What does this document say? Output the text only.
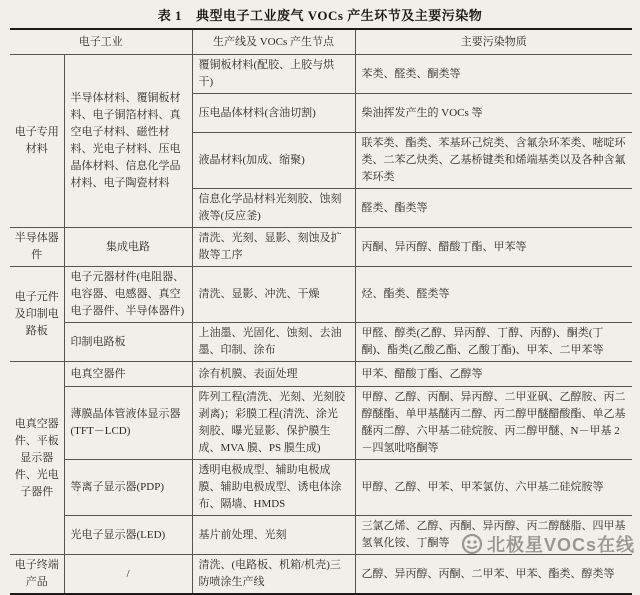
表 1 典型电子工业废气 VOCs 产生环节及主要污染物
电子工业		生产线及 VOCs 产生节点	主要污染物质
电子专用材料	半导体材料、覆铜板材料、电子铜箔材料、真空电子材料、磁性材料、光电子材料、压电晶体材料、信息化学品材料、电子陶瓷材料	覆铜板材料(配胶、上胶与烘干)	苯类、醛类、酮类等
		压电晶体材料(含油切割)	柴油挥发产生的 VOCs 等
		液晶材料(加成、缩聚)	联苯类、酯类、苯基环己烷类、含氟杂环苯类、嘧啶环类、二苯乙炔类、乙基桥键类和烯端基类以及各种含氟苯环类
		信息化学品材料光刻胶、蚀刻液等(反应釜)	醛类、酯类等
半导体器件	集成电路	清洗、光刻、显影、刻蚀及扩散等工序	丙酮、异丙醇、醋酸丁酯、甲苯等
电子元件及印制电路板	电子元器材件(电阻器、电容器、电感器、真空电子器件、半导体器件)	清洗、显影、冲洗、干燥	烃、酯类、醛类等
	印制电路板	上油墨、光固化、蚀刻、去油墨、印制、涂布	甲醛、醇类(乙醇、异丙醇、丁醇、丙醇)、酮类(丁酮)、酯类(乙酸乙酯、乙酸丁酯)、甲苯、二甲苯等
电真空器件、平板显示器件、光电子器件	电真空器件	涂有机膜、表面处理	甲苯、醋酸丁酯、乙醇等
	薄膜晶体管液体显示器(TFT－LCD)	阵列工程(清洗、光刻、光刻胶剥离)；彩膜工程(清洗、涂光刻胶、曝光显影、保护膜生成、MVA 膜、PS 膜生成)	甲醇、乙醇、丙酮、异丙醇、二甲亚砜、乙醇胺、丙二醇醚酯、单甲基醚丙二醇、丙二醇甲醚醋酸酯、单乙基醚丙二醇、六甲基二硅烷胺、丙二醇甲醚、N－甲基 2－四氢吡咯酮等
	等离子显示器(PDP)	透明电极成型、辅助电极成膜、辅助电极成型、诱电体涂布、隔墙、HMDS	甲醇、乙醇、甲苯、甲苯氯仿、六甲基二硅烷胺等
	光电子显示器(LED)	基片前处理、光刻	三氯乙烯、乙醇、丙酮、异丙醇、丙二醇醚脂、四甲基氢氧化铵、丁酮等
电子终端产品	/	清洗、(电路板、机箱/机壳)三防喷涂生产线	乙醇、异丙醇、丙酮、二甲苯、甲苯、酯类、醇类等
北极星VOCs在线
